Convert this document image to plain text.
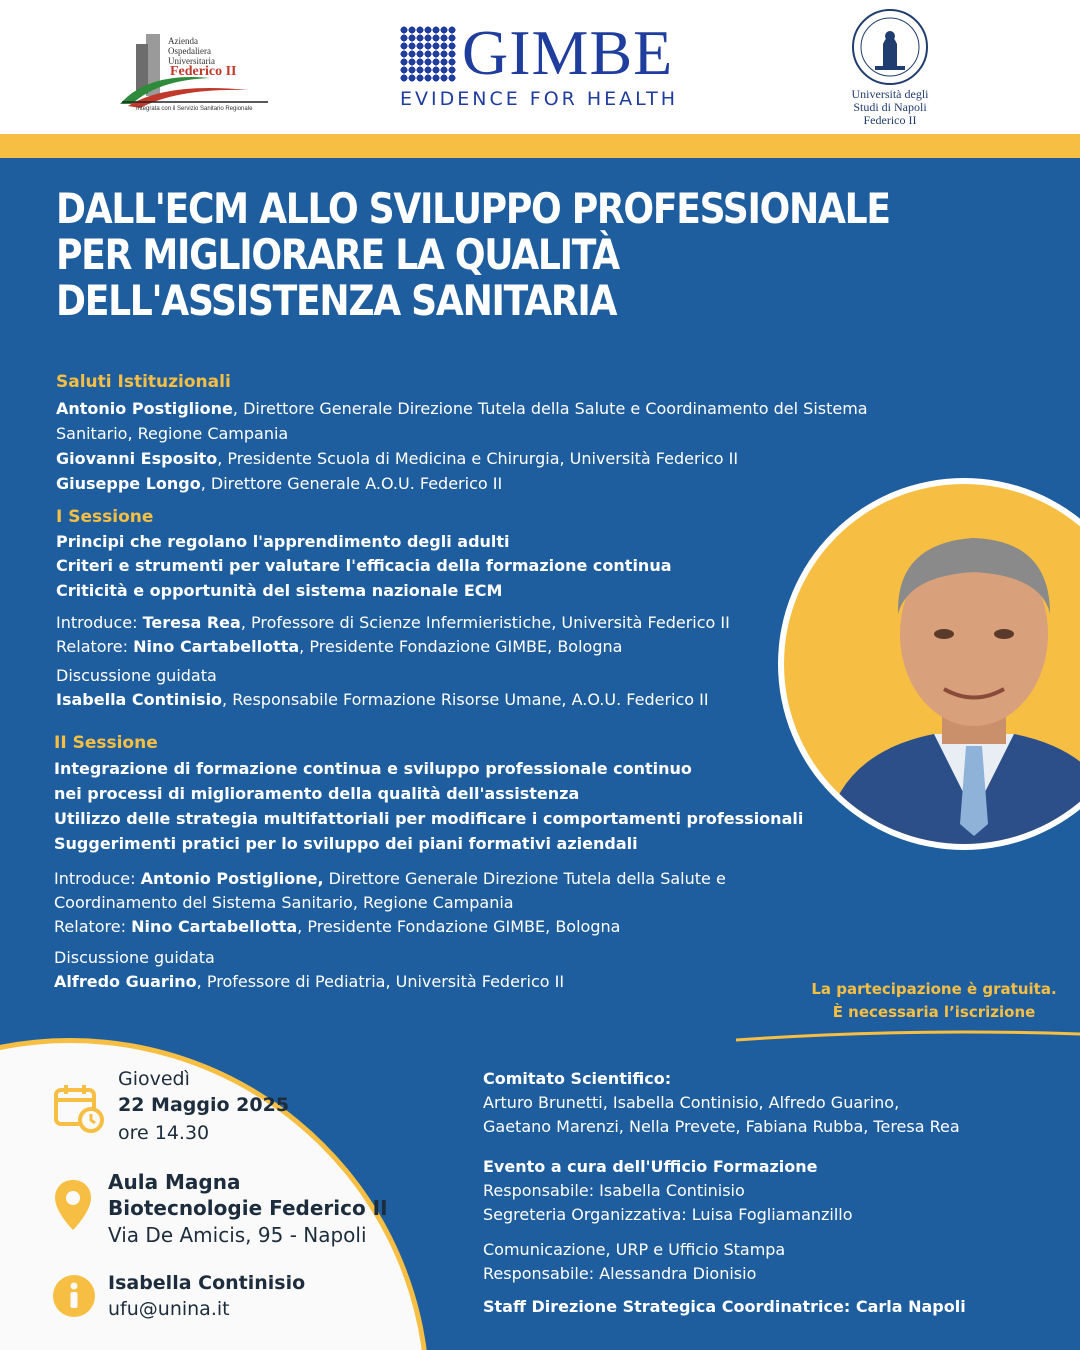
Azienda
Ospedaliera
Universitaria
Federico II
Integrata con il Servizio Sanitario Regionale
GIMBE
EVIDENCE FOR HEALTH	Università degli
Studi di Napoli
Federico II
DALL'ECM ALLO SVILUPPO PROFESSIONALE
PER MIGLIORARE LA QUALITÀ
DELL'ASSISTENZA SANITARIA
Saluti Istituzionali
Antonio Postiglione, Direttore Generale Direzione Tutela della Salute e Coordinamento del Sistema
Sanitario, Regione Campania
Giovanni Esposito, Presidente Scuola di Medicina e Chirurgia, Università Federico II
Giuseppe Longo, Direttore Generale A.O.U. Federico II
I Sessione
Principi che regolano l'apprendimento degli adulti
Criteri e strumenti per valutare l'efficacia della formazione continua
Criticità e opportunità del sistema nazionale ECM
Introduce: Teresa Rea, Professore di Scienze Infermieristiche, Università Federico II
Relatore: Nino Cartabellotta, Presidente Fondazione GIMBE, Bologna
Discussione guidata
Isabella Continisio, Responsabile Formazione Risorse Umane, A.O.U. Federico II
II Sessione
Integrazione di formazione continua e sviluppo professionale continuo
nei processi di miglioramento della qualità dell'assistenza
Utilizzo delle strategia multifattoriali per modificare i comportamenti professionali
Suggerimenti pratici per lo sviluppo dei piani formativi aziendali
Introduce: Antonio Postiglione, Direttore Generale Direzione Tutela della Salute e
Coordinamento del Sistema Sanitario, Regione Campania
Relatore: Nino Cartabellotta, Presidente Fondazione GIMBE, Bologna
Discussione guidata
Alfredo Guarino, Professore di Pediatria, Università Federico II	La partecipazione è gratuita.
È necessaria l’iscrizione
Giovedì
22 Maggio 2025
ore 14.30
Aula Magna
Biotecnologie Federico II
Via De Amicis, 95 - Napoli
Isabella Continisio
ufu@unina.it
Comitato Scientifico:
Arturo Brunetti, Isabella Continisio, Alfredo Guarino,
Gaetano Marenzi, Nella Prevete, Fabiana Rubba, Teresa Rea
Evento a cura dell'Ufficio Formazione
Responsabile: Isabella Continisio
Segreteria Organizzativa: Luisa Fogliamanzillo
Comunicazione, URP e Ufficio Stampa
Responsabile: Alessandra Dionisio
Staff Direzione Strategica Coordinatrice: Carla Napoli
